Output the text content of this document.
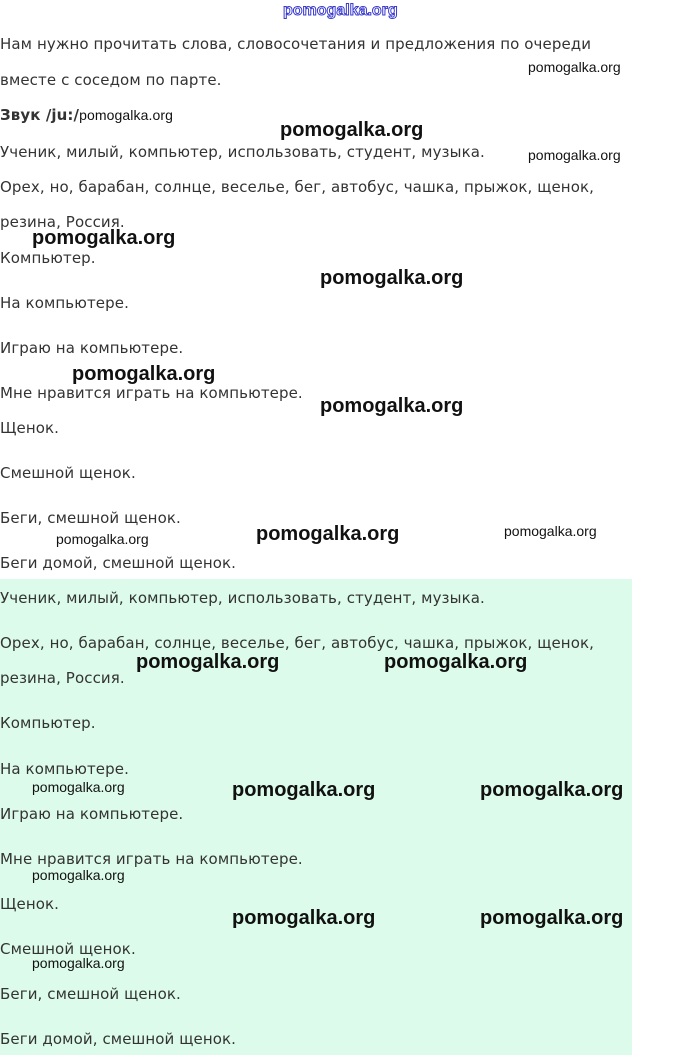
pomogalka.org

Нам нужно прочитать слова, словосочетания и предложения по очереди

вместе с соседом по парте.

Звук /ju:/pomogalka.org

Ученик, милый, компьютер, использовать, студент, музыка.

Орех, но, барабан, солнце, веселье, бег, автобус, чашка, прыжок, щенок,

резина, Россия.

Компьютер.

На компьютере.

Играю на компьютере.

Мне нравится играть на компьютере.

Щенок.

Смешной щенок.

Беги, смешной щенок.

Беги домой, смешной щенок.

Ученик, милый, компьютер, использовать, студент, музыка.

Орех, но, барабан, солнце, веселье, бег, автобус, чашка, прыжок, щенок,

резина, Россия.

Компьютер.

На компьютере.

Играю на компьютере.

Мне нравится играть на компьютере.

Щенок.

Смешной щенок.

Беги, смешной щенок.

Беги домой, смешной щенок.

pomogalka.org
pomogalka.org
pomogalka.org
pomogalka.org
pomogalka.org
pomogalka.org
pomogalka.org
pomogalka.org	pomogalka.org
pomogalka.org
pomogalka.org	pomogalka.org
pomogalka.org	pomogalka.org	pomogalka.org
pomogalka.org
pomogalka.org	pomogalka.org
pomogalka.org
